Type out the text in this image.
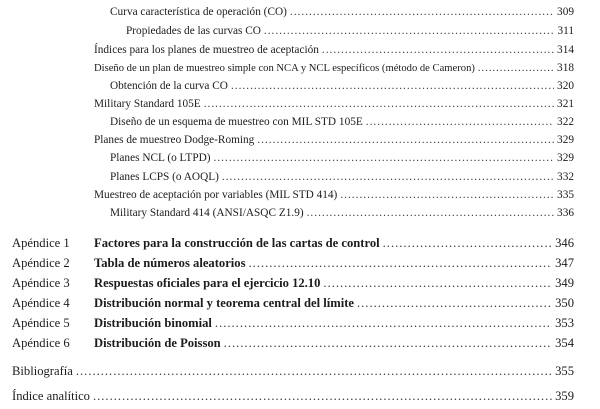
Curva característica de operación (CO) .....	309
Propiedades de las curvas CO .....	311
Índices para los planes de muestreo de aceptación .....	314
Diseño de un plan de muestreo simple con NCA y NCL específicos (método de Cameron) .....	318
Obtención de la curva CO .....	320
Military Standard 105E .....	321
Diseño de un esquema de muestreo con MIL STD 105E .....	322
Planes de muestreo Dodge-Roming .....	329
Planes NCL (o LTPD) .....	329
Planes LCPS (o AOQL) .....	332
Muestreo de aceptación por variables (MIL STD 414) .....	335
Military Standard 414 (ANSI/ASQC Z1.9) .....	336
Apéndice 1	Factores para la construcción de las cartas de control .....	346
Apéndice 2	Tabla de números aleatorios .....	347
Apéndice 3	Respuestas oficiales para el ejercicio 12.10 .....	349
Apéndice 4	Distribución normal y teorema central del límite .....	350
Apéndice 5	Distribución binomial .....	353
Apéndice 6	Distribución de Poisson .....	354
Bibliografía .....	355
Índice analítico .....	359
